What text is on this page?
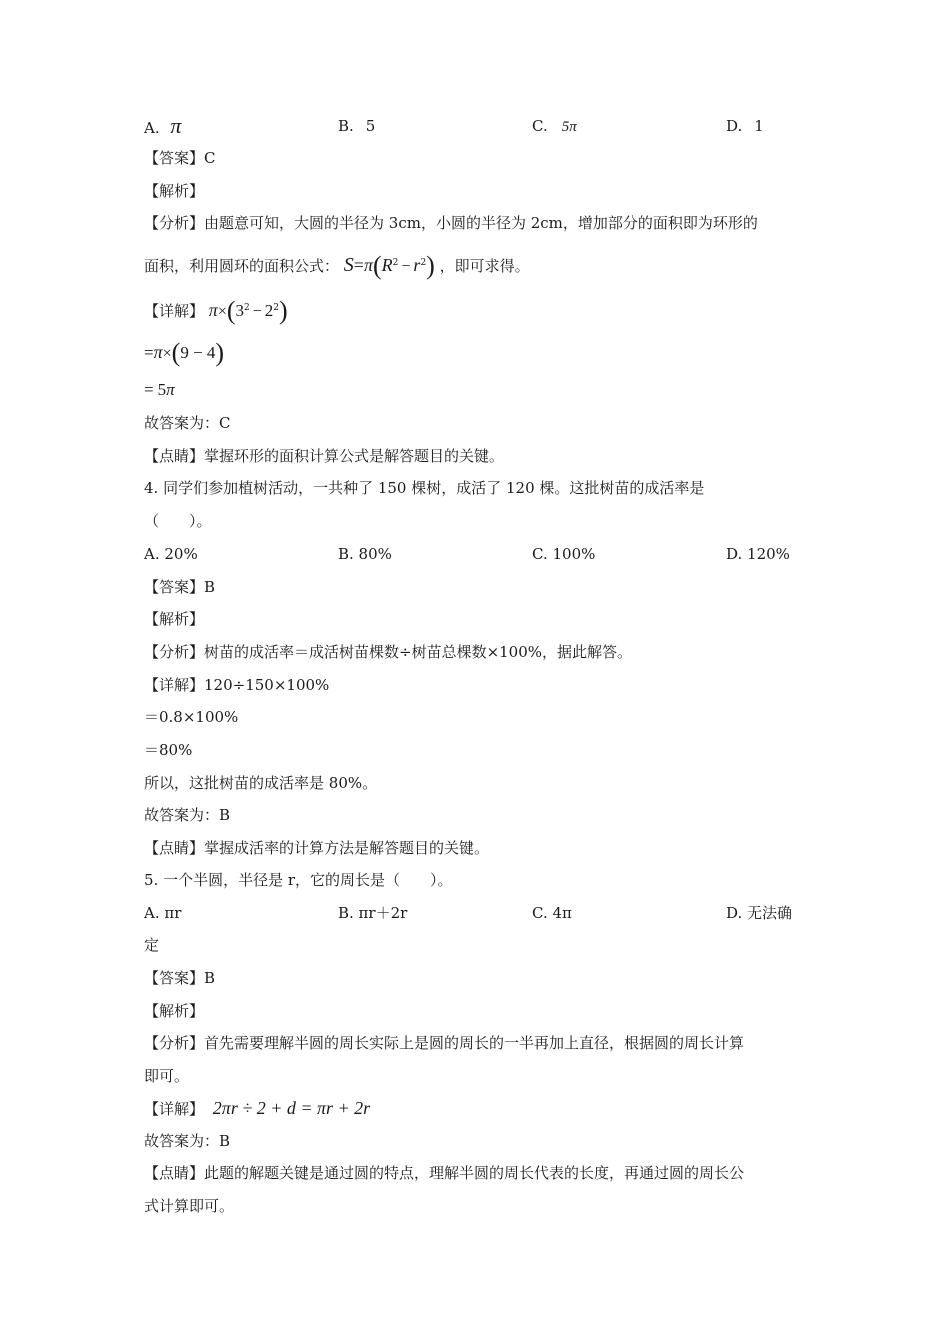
A. π	B. 5	C. 5π	D. 1
【答案】C
【解析】
【分析】由题意可知，大圆的半径为 3cm，小圆的半径为 2cm，增加部分的面积即为环形的
面积，利用圆环的面积公式： $S=\pi(R^2 - r^2)$ ，即可求得。
【详解】 $\pi\times(3^2 - 2^2)$
=π×(9 − 4)
= 5π
故答案为：C
【点睛】掌握环形的面积计算公式是解答题目的关键。
4. 同学们参加植树活动，一共种了 150 棵树，成活了 120 棵。这批树苗的成活率是
（　　）。
A. 20%	B. 80%	C. 100%	D. 120%
【答案】B
【解析】
【分析】树苗的成活率＝成活树苗棵数÷树苗总棵数×100%，据此解答。
【详解】120÷150×100%
＝0.8×100%
＝80%
所以，这批树苗的成活率是 80%。
故答案为：B
【点睛】掌握成活率的计算方法是解答题目的关键。
5. 一个半圆，半径是 r，它的周长是（　　）。
A. πr	B. πr＋2r	C. 4π	D. 无法确
定
【答案】B
【解析】
【分析】首先需要理解半圆的周长实际上是圆的周长的一半再加上直径，根据圆的周长计算
即可。
【详解】 2πr ÷ 2 + d = πr + 2r
故答案为：B
【点睛】此题的解题关键是通过圆的特点，理解半圆的周长代表的长度，再通过圆的周长公
式计算即可。
